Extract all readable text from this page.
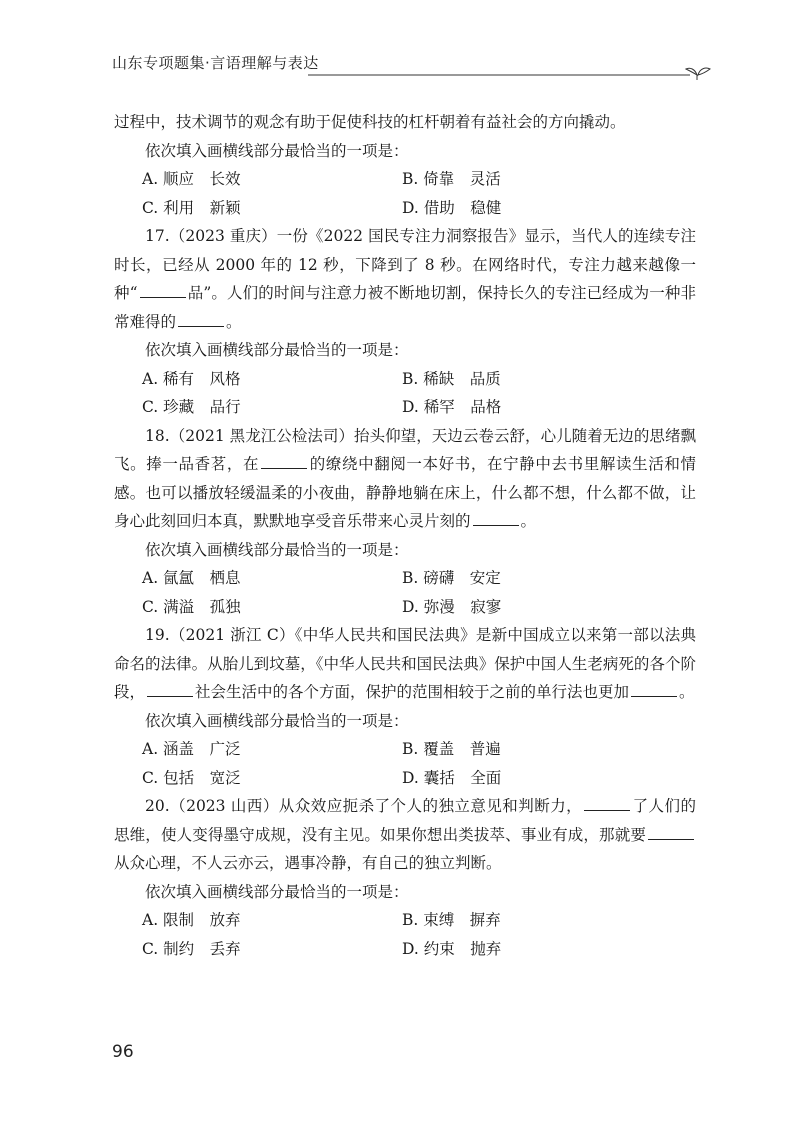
山东专项题集·言语理解与表达

过程中，技术调节的观念有助于促使科技的杠杆朝着有益社会的方向撬动。

依次填入画横线部分最恰当的一项是：

A. 顺应　长效	B. 倚靠　灵活
C. 利用　新颖	D. 借助　稳健

17.（2023 重庆）一份《2022 国民专注力洞察报告》显示，当代人的连续专注时长，已经从 2000 年的 12 秒，下降到了 8 秒。在网络时代，专注力越来越像一种“	品”。人们的时间与注意力被不断地切割，保持长久的专注已经成为一种非常难得的	。

依次填入画横线部分最恰当的一项是：

A. 稀有　风格	B. 稀缺　品质
C. 珍藏　品行	D. 稀罕　品格

18.（2021 黑龙江公检法司）抬头仰望，天边云卷云舒，心儿随着无边的思绪飘飞。捧一品香茗，在	的缭绕中翻阅一本好书，在宁静中去书里解读生活和情感。也可以播放轻缓温柔的小夜曲，静静地躺在床上，什么都不想，什么都不做，让身心此刻回归本真，默默地享受音乐带来心灵片刻的	。

依次填入画横线部分最恰当的一项是：

A. 氤氲　栖息	B. 磅礴　安定
C. 满溢　孤独	D. 弥漫　寂寥

19.（2021 浙江 C）《中华人民共和国民法典》是新中国成立以来第一部以法典命名的法律。从胎儿到坟墓，《中华人民共和国民法典》保护中国人生老病死的各个阶段，	社会生活中的各个方面，保护的范围相较于之前的单行法也更加	。

依次填入画横线部分最恰当的一项是：

A. 涵盖　广泛	B. 覆盖　普遍
C. 包括　宽泛	D. 囊括　全面

20.（2023 山西）从众效应扼杀了个人的独立意见和判断力，	了人们的思维，使人变得墨守成规，没有主见。如果你想出类拔萃、事业有成，那就要从众心理，不人云亦云，遇事冷静，有自己的独立判断。

依次填入画横线部分最恰当的一项是：

A. 限制　放弃	B. 束缚　摒弃
C. 制约　丢弃	D. 约束　抛弃
96
